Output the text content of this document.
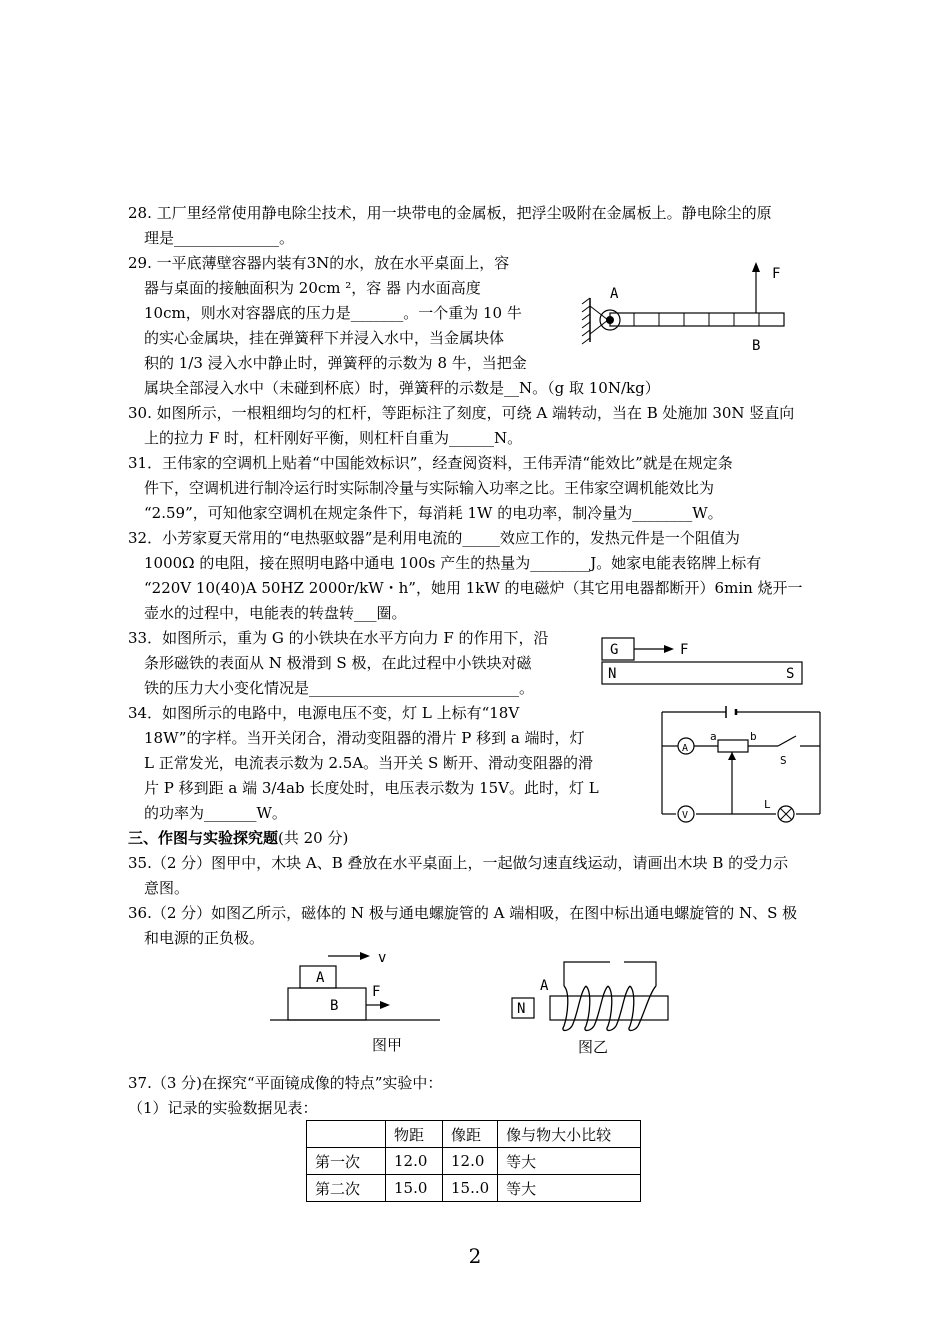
28. 工厂里经常使用静电除尘技术，用一块带电的金属板，把浮尘吸附在金属板上。静电除尘的原
理是______________。
29. 一平底薄壁容器内装有3N的水，放在水平桌面上，容
器与桌面的接触面积为 20cm ²，容 器 内水面高度
10cm，则水对容器底的压力是_______。一个重为 10 牛
的实心金属块，挂在弹簧秤下并浸入水中，当金属块体
积的 1/3 浸入水中静止时，弹簧秤的示数为 8 牛，当把金
属块全部浸入水中（未碰到杯底）时，弹簧秤的示数是__N。（g 取 10N/kg）
30. 如图所示，一根粗细均匀的杠杆，等距标注了刻度，可绕 A 端转动，当在 B 处施加 30N 竖直向
上的拉力 F 时，杠杆刚好平衡，则杠杆自重为______N。
31．王伟家的空调机上贴着“中国能效标识”，经查阅资料，王伟弄清“能效比”就是在规定条
件下，空调机进行制冷运行时实际制冷量与实际输入功率之比。王伟家空调机能效比为
“2.59”，可知他家空调机在规定条件下，每消耗 1W 的电功率，制冷量为________W。
32．小芳家夏天常用的“电热驱蚊器”是利用电流的_____效应工作的，发热元件是一个阻值为
1000Ω 的电阻，接在照明电路中通电 100s 产生的热量为________J。她家电能表铭牌上标有
“220V 10(40)A 50HZ 2000r/kW・h”，她用 1kW 的电磁炉（其它用电器都断开）6min 烧开一
壶水的过程中，电能表的转盘转___圈。
33．如图所示，重为 G 的小铁块在水平方向力 F 的作用下，沿
条形磁铁的表面从 N 极滑到 S 极，在此过程中小铁块对磁
铁的压力大小变化情况是____________________________。
34．如图所示的电路中，电源电压不变，灯 L 上标有“18V
18W”的字样。当开关闭合，滑动变阻器的滑片 P 移到 a 端时，灯
L 正常发光，电流表示数为 2.5A。当开关 S 断开、滑动变阻器的滑
片 P 移到距 a 端 3/4ab 长度处时，电压表示数为 15V。此时，灯 L
的功率为_______W。
三、作图与实验探究题(共 20 分)
35.（2 分）图甲中，木块 A、B 叠放在水平桌面上，一起做匀速直线运动，请画出木块 B 的受力示
意图。
36.（2 分）如图乙所示，磁体的 N 极与通电螺旋管的 A 端相吸，在图中标出通电螺旋管的 N、S 极
和电源的正负极。
37.（3 分)在探究“平面镜成像的特点”实验中：
（1）记录的实验数据见表：
F
A
B
G	F
N	S
A
a	b
S
V
L
v
A
B
F
图甲
A
N
图乙
	物距	像距	像与物大小比较
第一次	12.0	12.0	等大
第二次	15.0	15..0	等大
2
